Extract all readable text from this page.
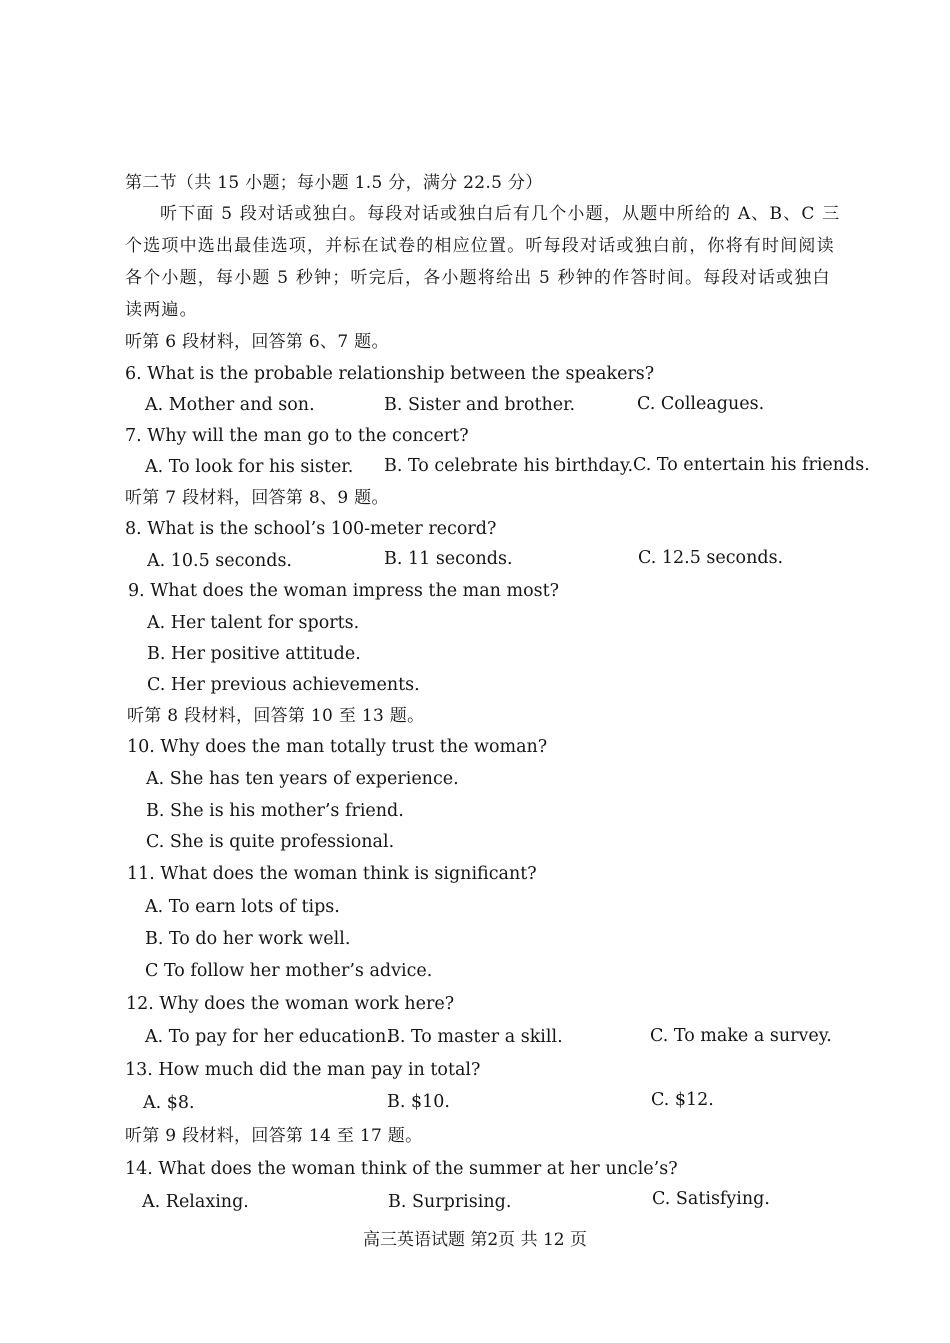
第二节（共 15 小题；每小题 1.5 分，满分 22.5 分）
听下面 5 段对话或独白。每段对话或独白后有几个小题，从题中所给的 A、B、C 三
个选项中选出最佳选项，并标在试卷的相应位置。听每段对话或独白前，你将有时间阅读
各个小题，每小题 5 秒钟；听完后，各小题将给出 5 秒钟的作答时间。每段对话或独白
读两遍。
听第 6 段材料，回答第 6、7 题。
6. What is the probable relationship between the speakers?
A. Mother and son.	B. Sister and brother.	C. Colleagues.
7. Why will the man go to the concert?
A. To look for his sister. B. To celebrate his birthday. C. To entertain his friends.
听第 7 段材料，回答第 8、9 题。
8. What is the school’s 100-meter record?
A. 10.5 seconds.	B. 11 seconds.	C. 12.5 seconds.
9. What does the woman impress the man most?
A. Her talent for sports.
B. Her positive attitude.
C. Her previous achievements.
听第 8 段材料，回答第 10 至 13 题。
10. Why does the man totally trust the woman?
A. She has ten years of experience.
B. She is his mother’s friend.
C. She is quite professional.
11. What does the woman think is significant?
A. To earn lots of tips.
B. To do her work well.
C To follow her mother’s advice.
12. Why does the woman work here?
A. To pay for her education.
B. To master a skill.	C. To make a survey.
13. How much did the man pay in total?
A. $8.	B. $10.	C. $12.
听第 9 段材料，回答第 14 至 17 题。
14. What does the woman think of the summer at her uncle’s?
A. Relaxing.	B. Surprising.	C. Satisfying.
高三英语试题 第2页 共 12 页
